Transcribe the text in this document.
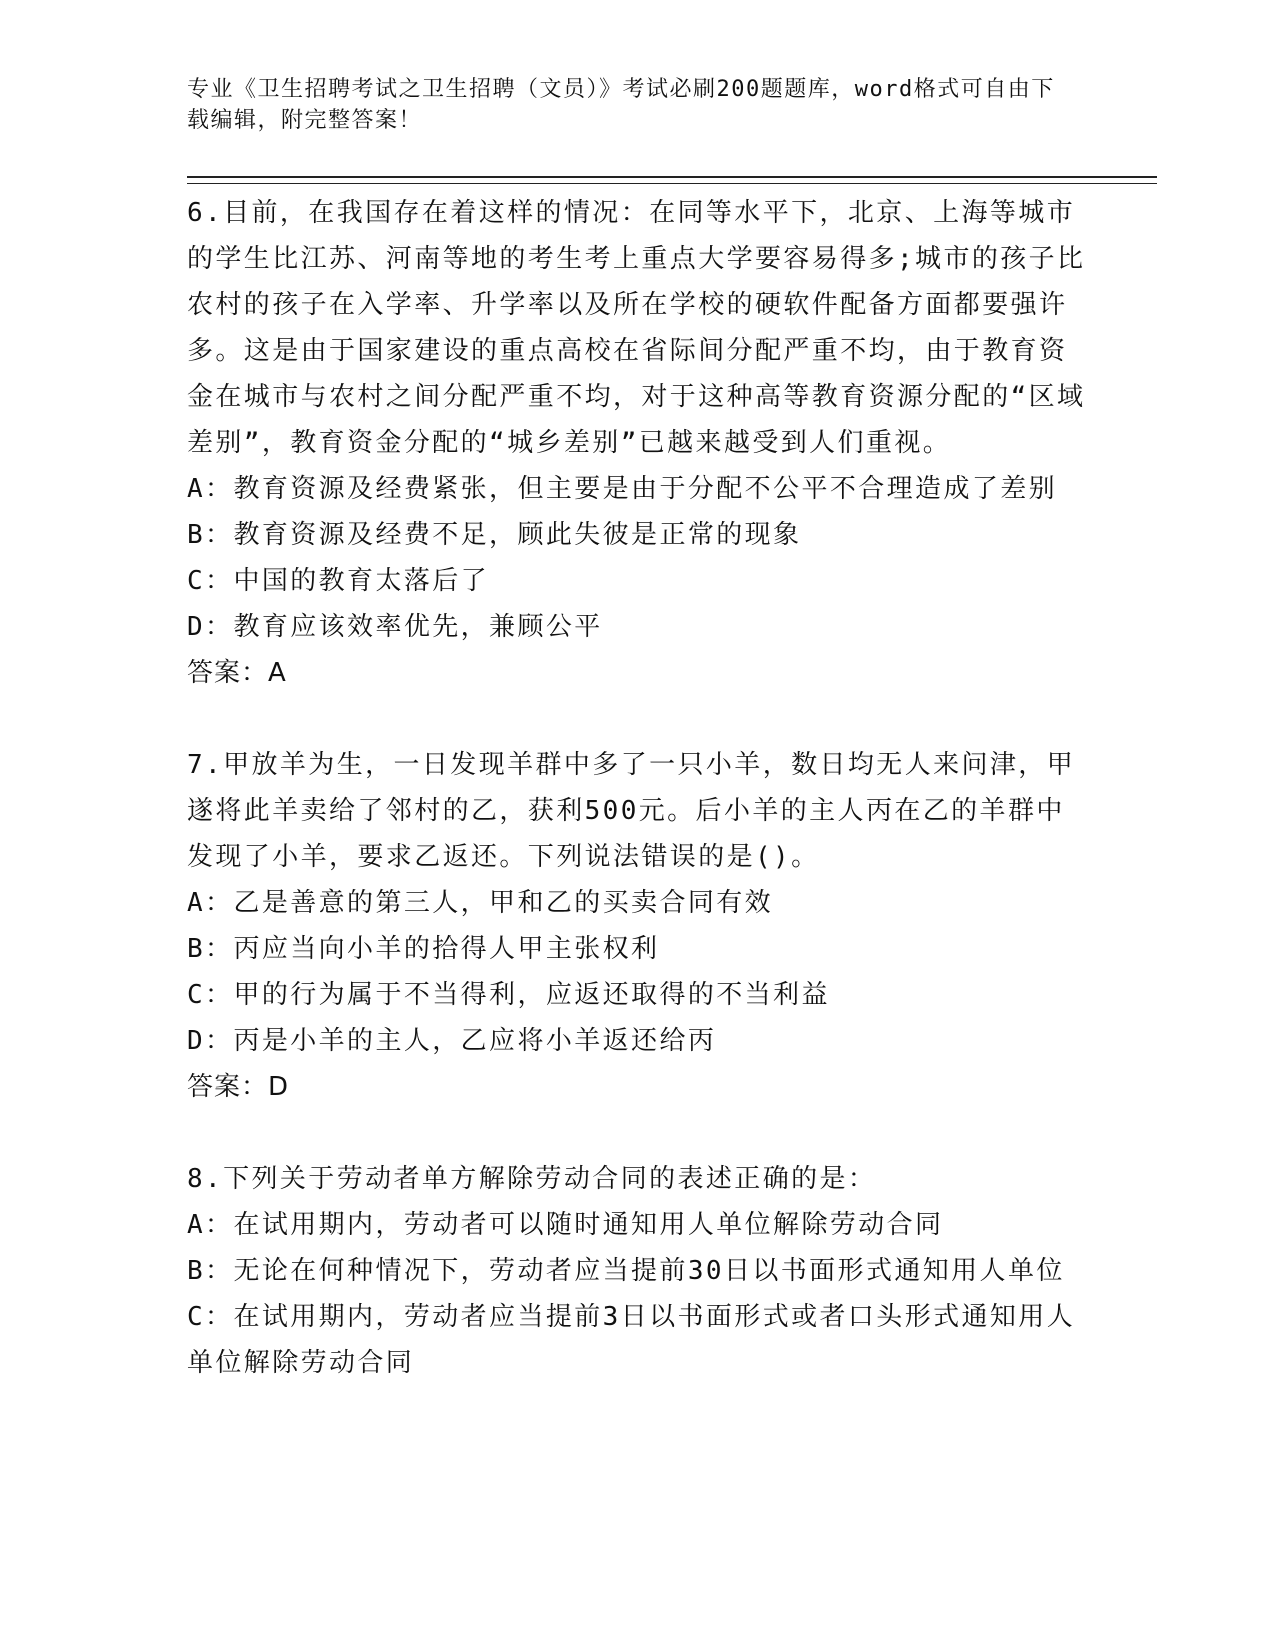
专业《卫生招聘考试之卫生招聘（文员）》考试必刷200题题库，word格式可自由下载编辑，附完整答案！

6.目前，在我国存在着这样的情况：在同等水平下，北京、上海等城市的学生比江苏、河南等地的考生考上重点大学要容易得多;城市的孩子比农村的孩子在入学率、升学率以及所在学校的硬软件配备方面都要强许多。这是由于国家建设的重点高校在省际间分配严重不均，由于教育资金在城市与农村之间分配严重不均，对于这种高等教育资源分配的“区域差别”，教育资金分配的“城乡差别”已越来越受到人们重视。

A：教育资源及经费紧张，但主要是由于分配不公平不合理造成了差别

B：教育资源及经费不足，顾此失彼是正常的现象

C：中国的教育太落后了

D：教育应该效率优先，兼顾公平

答案：A

7.甲放羊为生，一日发现羊群中多了一只小羊，数日均无人来问津，甲遂将此羊卖给了邻村的乙，获利500元。后小羊的主人丙在乙的羊群中发现了小羊，要求乙返还。下列说法错误的是()。

A：乙是善意的第三人，甲和乙的买卖合同有效

B：丙应当向小羊的拾得人甲主张权利

C：甲的行为属于不当得利，应返还取得的不当利益

D：丙是小羊的主人，乙应将小羊返还给丙

答案：D

8.下列关于劳动者单方解除劳动合同的表述正确的是：

A：在试用期内，劳动者可以随时通知用人单位解除劳动合同

B：无论在何种情况下，劳动者应当提前30日以书面形式通知用人单位

C：在试用期内，劳动者应当提前3日以书面形式或者口头形式通知用人单位解除劳动合同
